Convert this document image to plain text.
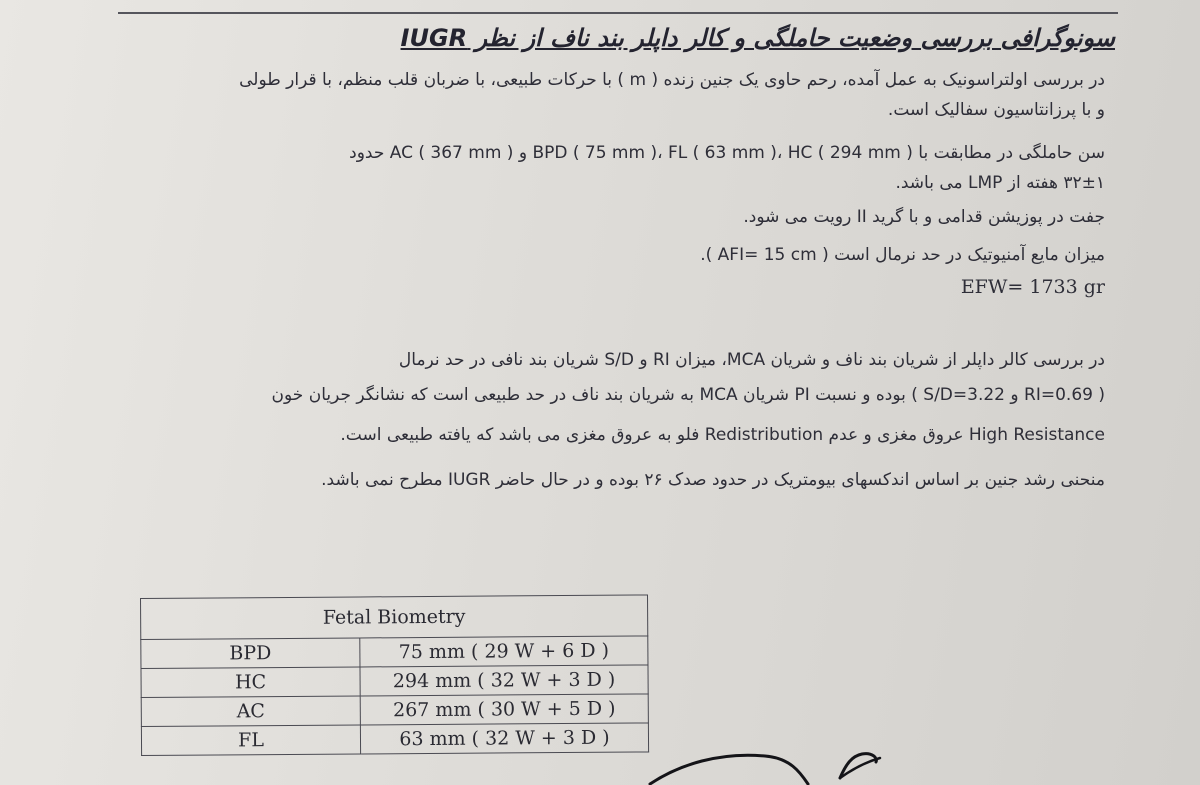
سونوگرافی بررسی وضعیت حاملگی و کالر داپلر بند ناف از نظر IUGR
در بررسی اولتراسونیک به عمل آمده، رحم حاوی یک جنین زنده ( m ) با حرکات طبیعی، با ضربان قلب منظم، با قرار طولی
و با پرزانتاسیون سفالیک است.
سن حاملگی در مطابقت با BPD ( 75 mm )، FL ( 63 mm )، HC ( 294 mm ) و AC ( 367 mm ) حدود
۳۲±۱ هفته از LMP می باشد.
جفت در پوزیشن قدامی و با گرید II رویت می شود.
میزان مایع آمنیوتیک در حد نرمال است ( AFI= 15 cm ).
EFW= 1733 gr
در بررسی کالر داپلر از شریان بند ناف و شریان MCA، میزان RI و S/D شریان بند نافی در حد نرمال
( RI=0.69 و S/D=3.22 ) بوده و نسبت PI شریان MCA به شریان بند ناف در حد طبیعی است که نشانگر جریان خون
High Resistance عروق مغزی و عدم Redistribution فلو به عروق مغزی می باشد که یافته طبیعی است.
منحنی رشد جنین بر اساس اندکسهای بیومتریک در حدود صدک ۲۶ بوده و در حال حاضر IUGR مطرح نمی باشد.
Fetal Biometry	
BPD	75 mm ( 29 W + 6 D )
HC	294 mm ( 32 W + 3 D )
AC	267 mm ( 30 W + 5 D )
FL	63 mm ( 32 W + 3 D )
